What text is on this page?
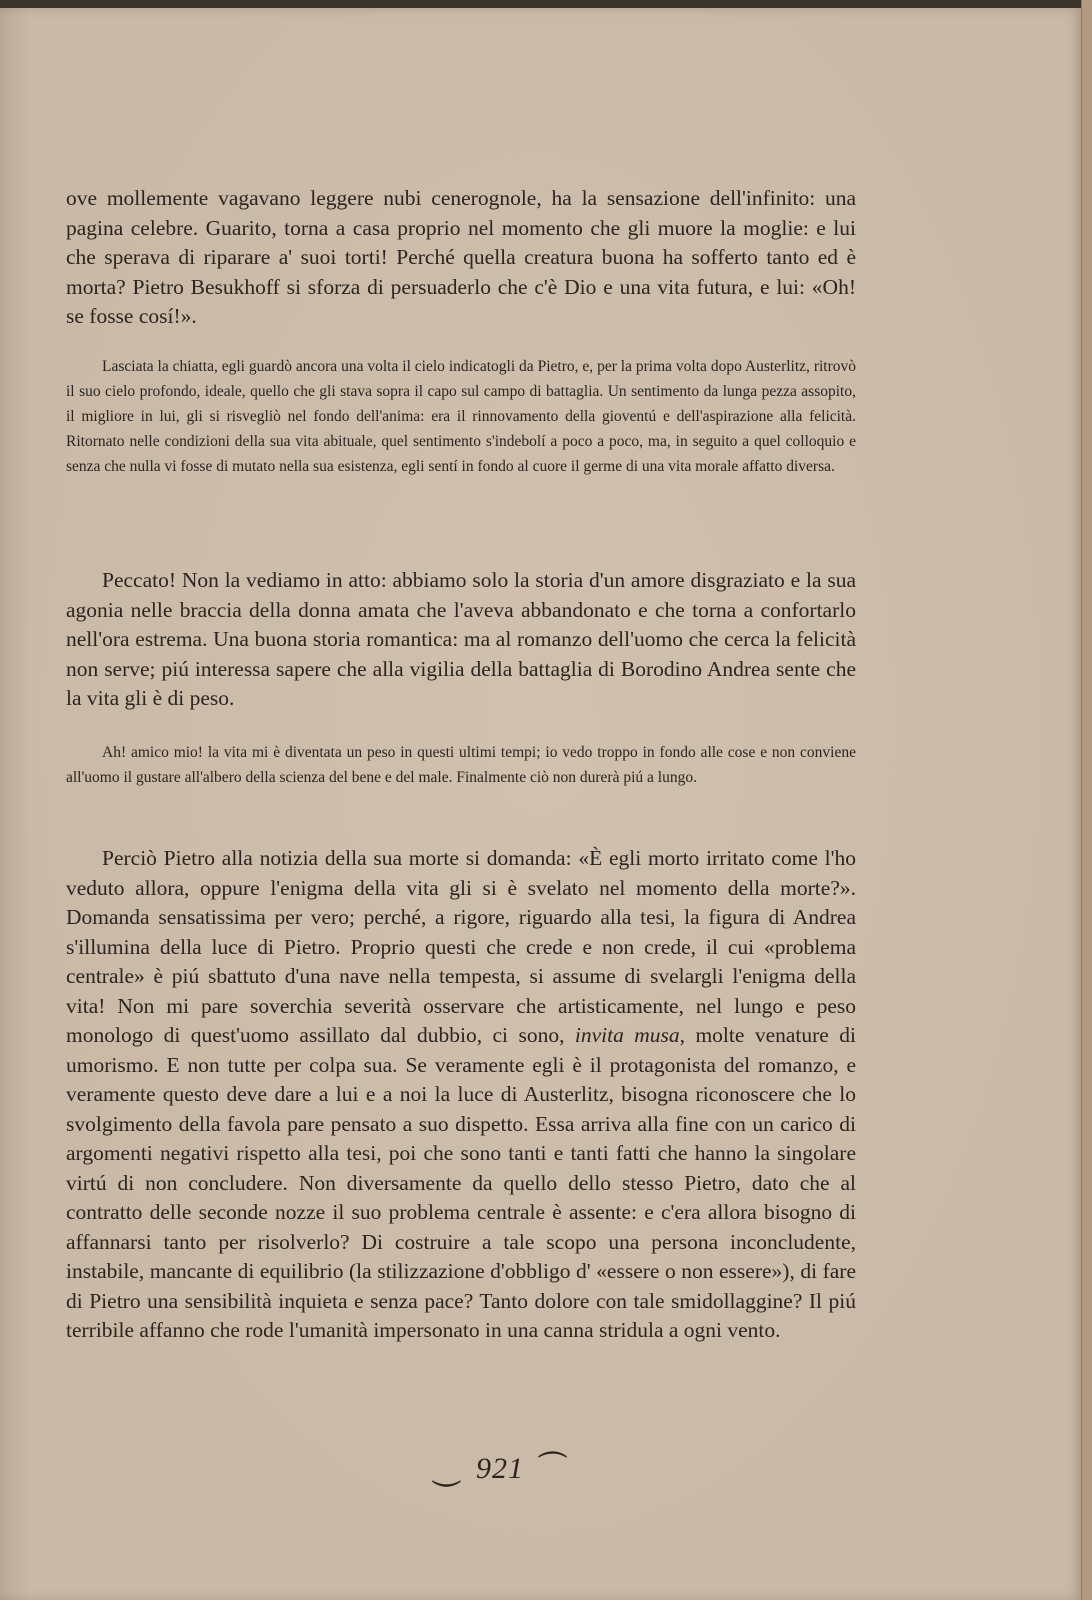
ove mollemente vagavano leggere nubi cenerognole, ha la sensazione dell'infinito: una pagina celebre. Guarito, torna a casa proprio nel momento che gli muore la moglie: e lui che sperava di riparare a' suoi torti! Perché quella creatura buona ha sofferto tanto ed è morta? Pietro Besukhoff si sforza di persuaderlo che c'è Dio e una vita futura, e lui: «Oh! se fosse cosí!».

Lasciata la chiatta, egli guardò ancora una volta il cielo indicatogli da Pietro, e, per la prima volta dopo Austerlitz, ritrovò il suo cielo profondo, ideale, quello che gli stava sopra il capo sul campo di battaglia. Un sentimento da lunga pezza assopito, il migliore in lui, gli si risvegliò nel fondo dell'anima: era il rinnovamento della gioventú e dell'aspirazione alla felicità. Ritornato nelle condizioni della sua vita abituale, quel sentimento s'indebolí a poco a poco, ma, in seguito a quel colloquio e senza che nulla vi fosse di mutato nella sua esistenza, egli sentí in fondo al cuore il germe di una vita morale affatto diversa.

Peccato! Non la vediamo in atto: abbiamo solo la storia d'un amore disgraziato e la sua agonia nelle braccia della donna amata che l'aveva abbandonato e che torna a confortarlo nell'ora estrema. Una buona storia romantica: ma al romanzo dell'uomo che cerca la felicità non serve; piú interessa sapere che alla vigilia della battaglia di Borodino Andrea sente che la vita gli è di peso.

Ah! amico mio! la vita mi è diventata un peso in questi ultimi tempi; io vedo troppo in fondo alle cose e non conviene all'uomo il gustare all'albero della scienza del bene e del male. Finalmente ciò non durerà piú a lungo.

Perciò Pietro alla notizia della sua morte si domanda: «È egli morto irritato come l'ho veduto allora, oppure l'enigma della vita gli si è svelato nel momento della morte?». Domanda sensatissima per vero; perché, a rigore, riguardo alla tesi, la figura di Andrea s'illumina della luce di Pietro. Proprio questi che crede e non crede, il cui «problema centrale» è piú sbattuto d'una nave nella tempesta, si assume di svelargli l'enigma della vita! Non mi pare soverchia severità osservare che artisticamente, nel lungo e peso monologo di quest'uomo assillato dal dubbio, ci sono, invita musa, molte venature di umorismo. E non tutte per colpa sua. Se veramente egli è il protagonista del romanzo, e veramente questo deve dare a lui e a noi la luce di Austerlitz, bisogna riconoscere che lo svolgimento della favola pare pensato a suo dispetto. Essa arriva alla fine con un carico di argomenti negativi rispetto alla tesi, poi che sono tanti e tanti fatti che hanno la singolare virtú di non concludere. Non diversamente da quello dello stesso Pietro, dato che al contratto delle seconde nozze il suo problema centrale è assente: e c'era allora bisogno di affannarsi tanto per risolverlo? Di costruire a tale scopo una persona inconcludente, instabile, mancante di equilibrio (la stilizzazione d'obbligo d' «essere o non essere»), di fare di Pietro una sensibilità inquieta e senza pace? Tanto dolore con tale smidollaggine? Il piú terribile affanno che rode l'umanità impersonato in una canna stridula a ogni vento.

⏝ 921 ⏜
